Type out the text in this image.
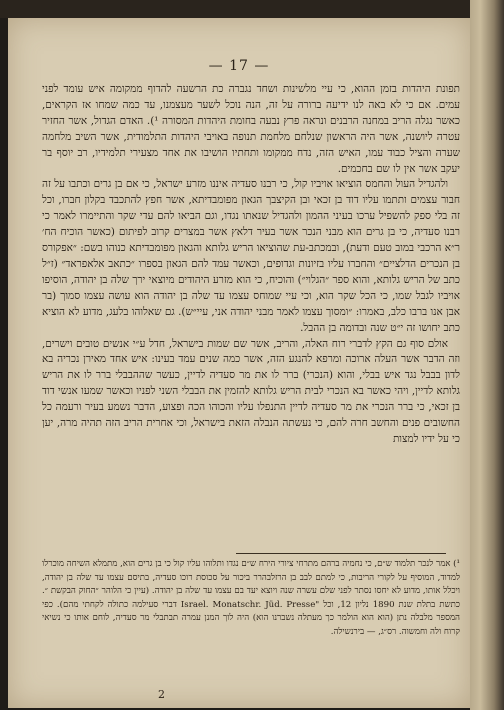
— 17 —

תפונת היהדות בזמן ההוא, כי עיי מלשינות ושחד נגברה כת הרשעה להדוף ממקומה איש עומד לפני עמים. אם כי לא באה לנו ידיעה ברורה על זה, הנה נוכל לשער מעצמנו, עד כמה שמחו אז הקראים, כאשר נגלה הריב במחנה הרבנים ונראה פרץ נבעה בחומת היהדות המסורה ¹). האדם הגדול, אשר החזיר עטרה ליושנה, אשר היה הראשון שנלחם מלחמת תנופה באויבי היהדות התלמודית, אשר השיב מלחמה שערה והציל כבוד עמו, האיש הזה, נדח ממקומו ותחתיו הושיבו את אחד מצעירי תלמידיו, רב יוסף בר יעקב אשר אין לו שם בחכמים.

ולהגדיל העול והחמס הוציאו אויביו קול, כי רבנו סעדיה איננו מזרע ישראל, כי אם בן גרים וכתבו על זה חבור עצמים ותתמו עליו דוד בן זכאי ובן הקיצבך הגאון מפומבדיתא, אשר חפץ להתכבד בקלון חברו, וכל זה בלי ספק להשפיל ערכו בעיני ההמון ולהגדיל שנאתו נגדו, וגם הביאו להם עדי שקר והתיימרו לאמר כי רבנו סעדיה, כי בן גרים הוא מבני הנכר אשר בעיר דלאץ אשר במצרים קרוב לפיתום (כאשר הוכיח הח׳ ר״א הרכבי במוב טעם ודעת), ובמכתב-עת שהוציאו הריש גלותא והגאון מפומבדיתא כנוהו בשם: ״אפקורס בן הנכרים הדלציים״ והחברו עליו בזיונות וגדופים, וכאשר עמד להם הגאון בספרו ״כתאב אלאפראד״ (ז״ל כתב של הריש גלותא, והוא ספר ״הגלוי״) והוכיח, כי הוא מזרע היהודים מיוצאי ירך שלה בן יהודה, הוסיפו אויביו לגבל שמו, כי הכל שקר הוא, וכי עיי שמוחס עצמו עד שלה בן יהודה הוא עושה עצמו סמוך (בר אבן אנו ברבו כלב, באמרו: ״ומסוך עצמו לאמר מבני יהודה אני, עיי״ש). גם שאלוהו בלעג, מדוע לא הוציא כתב יחושו זה י״ט שנה ובדומה בן ההבל.

אולם סוף גם הקץ לדברי רוח האלה, והריב, אשר שם שמות בישראל, חדל ע״י אנשים טובים וישרים, וזה הדבר אשר העלה ארוכה ומרפא להנגע הזה, אשר כמה שנים עמד בעינו: איש אחד מאירן נכריה בא לדון בבבל נגד איש בבלי, והוא (הנכרי) ברר לו את מר סעדיה לדיין, כעשר שההבבלי ברר לו את הריש גלותא לדיין, ויהי כאשר בא הנכרי לבית הריש גלותא להזמין את הבבלי השני לפניו וכאשר שמעו אנשי דוד בן זכאי, כי ברר הנכרי את מר סעדיה לדיין התנפלו עליו והכוהו הכה ופצוע, הדבר נשמע בעיר ורעמה כל החשובים פנים והחשב חרה להם, כי נעשתה הנבלה הזאת בישראל, וכי אחרית הריב הזה תהיה מרה, יען כי על ידיו למצות

¹) אמר לנכר תלמוד ש״ם, כי נחמיה ברהם מתרחי ציורי הירח ש״ם נגדו ותלוהו עליו קול כי בן גרים הוא, מתמלא השיחה מוכרלו למדוד, המוסיף על לקורי הריבות, כי למתם לבב בן הרזלבהרר ביכור על סכוסת רוכו סעדיה, בתיסם עצמו עד שלה בן יהודה, ויכלל אותו, מדוע לא יחסו נסתר לפני שלם עשרה שנה ויוצא יעד בם עצמו עד שלה בן יהודה. (עיין כי הלוהר ״החוק הבקשת ״. כתשת בתלת Israel. Monatschr. Jüd. Presse" שנת 1890 נליון 12, וכל דברי סעילמה כתולה לקחתי מהם). כפי המספר מלבלה נתן (הוא הוא הולמר כך מעתלה נשברנו הוא) היה לוך המנן עמרה תבתבלי מר סעדיה, לוחם אותו כי נשיאי קרוח ולה וחמשוה. רס״ג, — בירנשילה.
2
